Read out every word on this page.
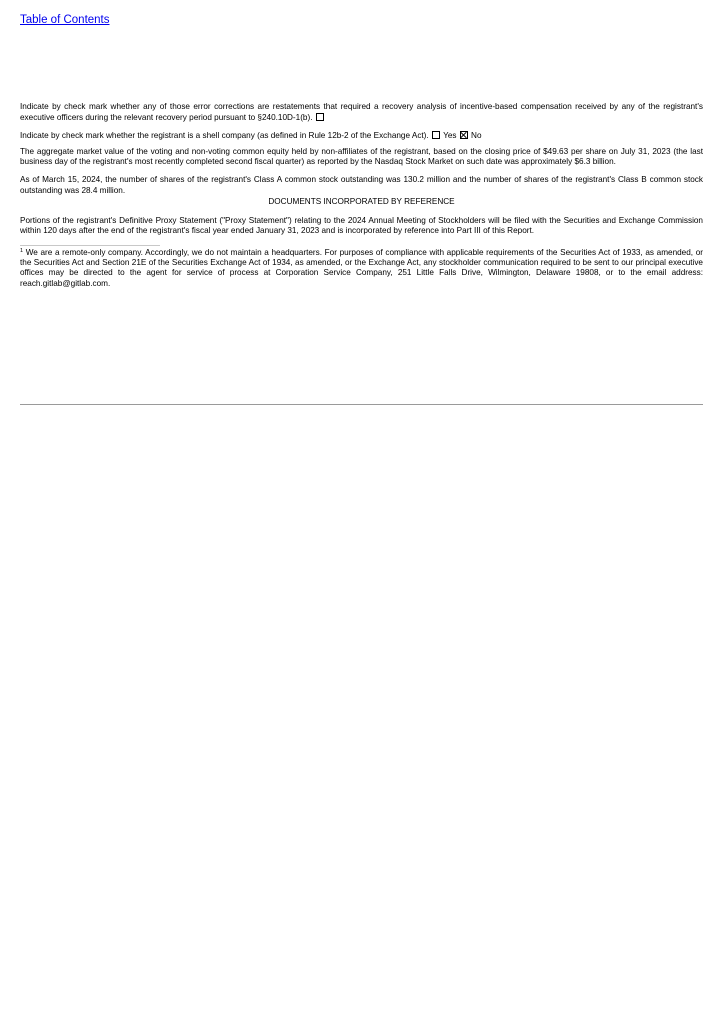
Table of Contents

Indicate by check mark whether any of those error corrections are restatements that required a recovery analysis of incentive-based compensation received by any of the registrant's executive officers during the relevant recovery period pursuant to §240.10D-1(b).

Indicate by check mark whether the registrant is a shell company (as defined in Rule 12b-2 of the Exchange Act). Yes No

The aggregate market value of the voting and non-voting common equity held by non-affiliates of the registrant, based on the closing price of $49.63 per share on July 31, 2023 (the last business day of the registrant's most recently completed second fiscal quarter) as reported by the Nasdaq Stock Market on such date was approximately $6.3 billion.

As of March 15, 2024, the number of shares of the registrant's Class A common stock outstanding was 130.2 million and the number of shares of the registrant's Class B common stock outstanding was 28.4 million.

DOCUMENTS INCORPORATED BY REFERENCE

Portions of the registrant's Definitive Proxy Statement ("Proxy Statement") relating to the 2024 Annual Meeting of Stockholders will be filed with the Securities and Exchange Commission within 120 days after the end of the registrant's fiscal year ended January 31, 2023 and is incorporated by reference into Part III of this Report.

$^1$ We are a remote-only company. Accordingly, we do not maintain a headquarters. For purposes of compliance with applicable requirements of the Securities Act of 1933, as amended, or the Securities Act and Section 21E of the Securities Exchange Act of 1934, as amended, or the Exchange Act, any stockholder communication required to be sent to our principal executive offices may be directed to the agent for service of process at Corporation Service Company, 251 Little Falls Drive, Wilmington, Delaware 19808, or to the email address: reach.gitlab@gitlab.com.
